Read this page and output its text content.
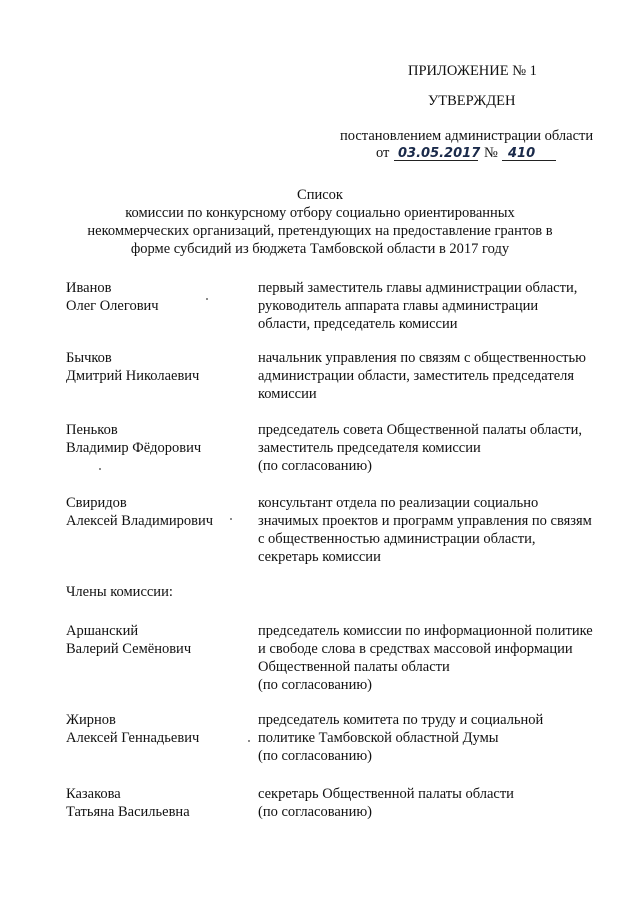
ПРИЛОЖЕНИЕ № 1
УТВЕРЖДЕН
постановлением администрации области
от 03.05.2017 № 410
Список
комиссии по конкурсному отбору социально ориентированных
некоммерческих организаций, претендующих на предоставление грантов в
форме субсидий из бюджета Тамбовской области в 2017 году
Иванов
Олег Олегович
первый заместитель главы администрации области,
руководитель аппарата главы администрации
области, председатель комиссии
Бычков
Дмитрий Николаевич
начальник управления по связям с общественностью
администрации области, заместитель председателя
комиссии
Пеньков
Владимир Фёдорович
председатель совета Общественной палаты области,
заместитель председателя комиссии
(по согласованию)
Свиридов
Алексей Владимирович
консультант отдела по реализации социально
значимых проектов и программ управления по связям
с общественностью администрации области,
секретарь комиссии
Члены комиссии:
Аршанский
Валерий Семёнович
председатель комиссии по информационной политике
и свободе слова в средствах массовой информации
Общественной палаты области
(по согласованию)
Жирнов
Алексей Геннадьевич
председатель комитета по труду и социальной
политике Тамбовской областной Думы
(по согласованию)
Казакова
Татьяна Васильевна
секретарь Общественной палаты области
(по согласованию)
